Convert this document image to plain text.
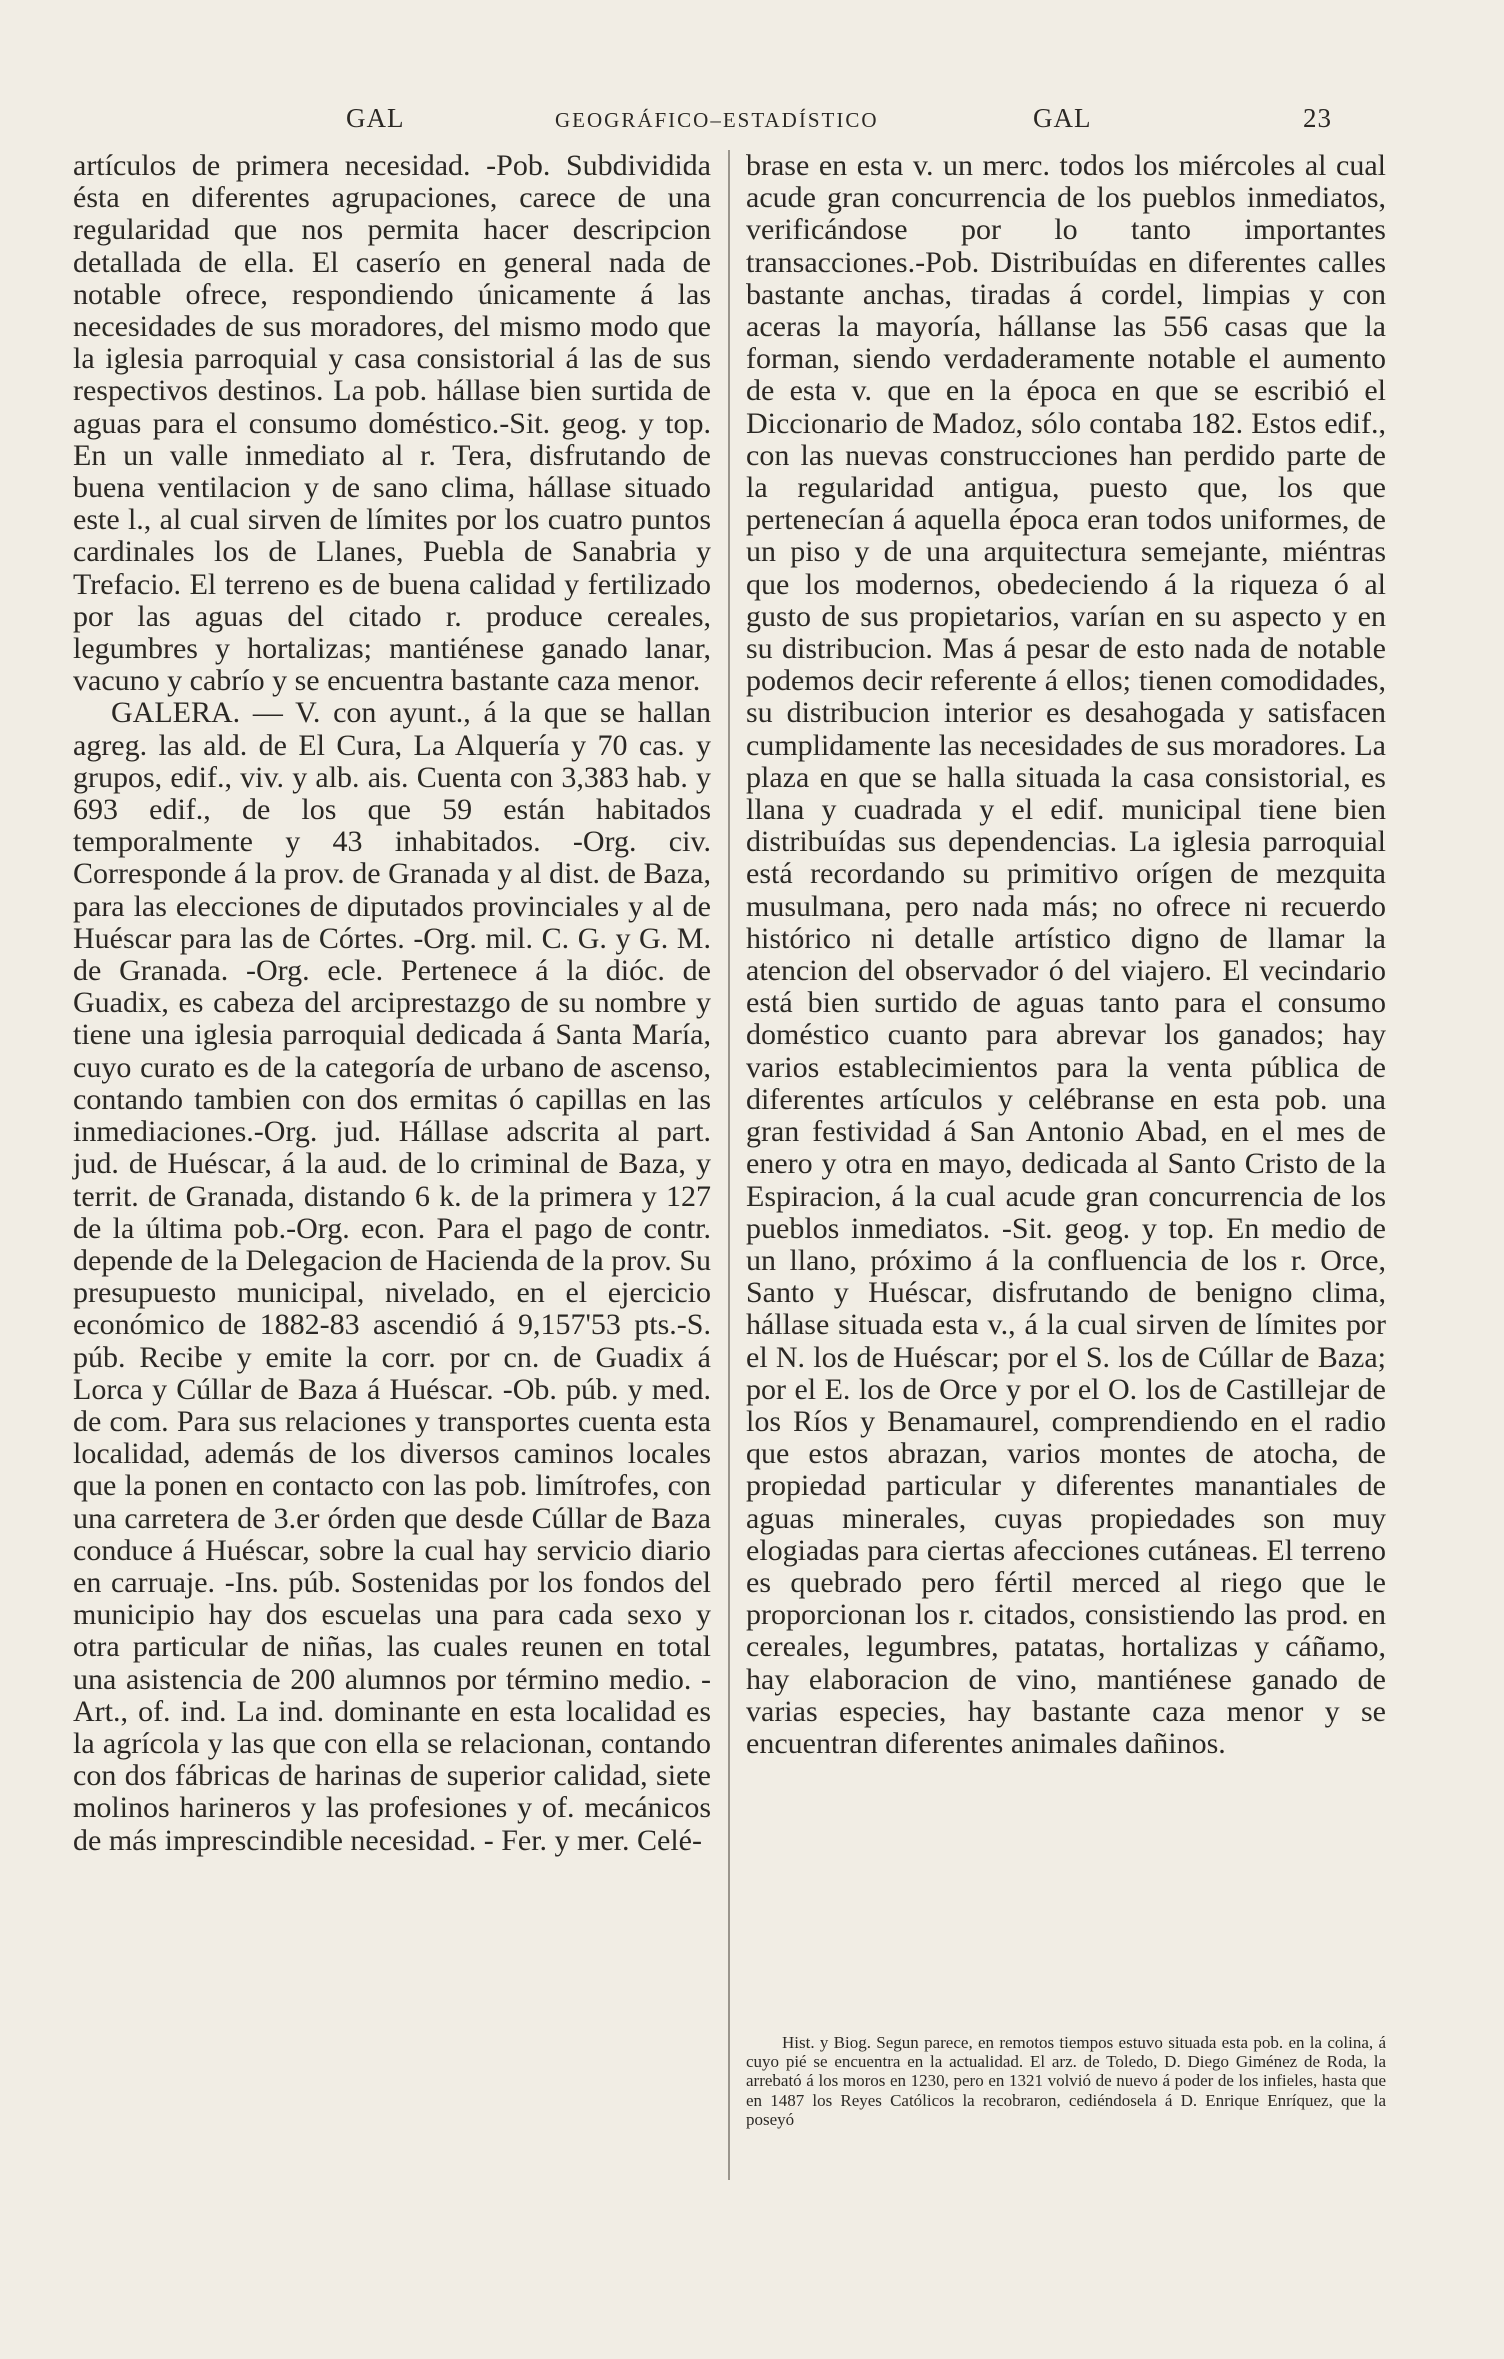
GAL	GEOGRÁFICO–ESTADÍSTICO	GAL	23

artículos de primera necesidad. -Pob. Subdividida ésta en diferentes agrupaciones, carece de una regularidad que nos permita hacer descripcion detallada de ella. El caserío en general nada de notable ofrece, respondiendo únicamente á las necesidades de sus moradores, del mismo modo que la iglesia parroquial y casa consistorial á las de sus respectivos destinos. La pob. hállase bien surtida de aguas para el consumo doméstico.-Sit. geog. y top. En un valle inmediato al r. Tera, disfrutando de buena ventilacion y de sano clima, hállase situado este l., al cual sirven de límites por los cuatro puntos cardinales los de Llanes, Puebla de Sanabria y Trefacio. El terreno es de buena calidad y fertilizado por las aguas del citado r. produce cereales, legumbres y hortalizas; mantiénese ganado lanar, vacuno y cabrío y se encuentra bastante caza menor.

GALERA. — V. con ayunt., á la que se hallan agreg. las ald. de El Cura, La Alquería y 70 cas. y grupos, edif., viv. y alb. ais. Cuenta con 3,383 hab. y 693 edif., de los que 59 están habitados temporalmente y 43 inhabitados. -Org. civ. Corresponde á la prov. de Granada y al dist. de Baza, para las elecciones de diputados provinciales y al de Huéscar para las de Córtes. -Org. mil. C. G. y G. M. de Granada. -Org. ecle. Pertenece á la dióc. de Guadix, es cabeza del arciprestazgo de su nombre y tiene una iglesia parroquial dedicada á Santa María, cuyo curato es de la categoría de urbano de ascenso, contando tambien con dos ermitas ó capillas en las inmediaciones.-Org. jud. Hállase adscrita al part. jud. de Huéscar, á la aud. de lo criminal de Baza, y territ. de Granada, distando 6 k. de la primera y 127 de la última pob.-Org. econ. Para el pago de contr. depende de la Delegacion de Hacienda de la prov. Su presupuesto municipal, nivelado, en el ejercicio económico de 1882-83 ascendió á 9,157'53 pts.-S. púb. Recibe y emite la corr. por cn. de Guadix á Lorca y Cúllar de Baza á Huéscar. -Ob. púb. y med. de com. Para sus relaciones y transportes cuenta esta localidad, además de los diversos caminos locales que la ponen en contacto con las pob. limítrofes, con una carretera de 3.er órden que desde Cúllar de Baza conduce á Huéscar, sobre la cual hay servicio diario en carruaje. -Ins. púb. Sostenidas por los fondos del municipio hay dos escuelas una para cada sexo y otra particular de niñas, las cuales reunen en total una asistencia de 200 alumnos por término medio. -Art., of. ind. La ind. dominante en esta localidad es la agrícola y las que con ella se relacionan, contando con dos fábricas de harinas de superior calidad, siete molinos harineros y las profesiones y of. mecánicos de más imprescindible necesidad. - Fer. y mer. Celé-

brase en esta v. un merc. todos los miércoles al cual acude gran concurrencia de los pueblos inmediatos, verificándose por lo tanto importantes transacciones.-Pob. Distribuídas en diferentes calles bastante anchas, tiradas á cordel, limpias y con aceras la mayoría, hállanse las 556 casas que la forman, siendo verdaderamente notable el aumento de esta v. que en la época en que se escribió el Diccionario de Madoz, sólo contaba 182. Estos edif., con las nuevas construcciones han perdido parte de la regularidad antigua, puesto que, los que pertenecían á aquella época eran todos uniformes, de un piso y de una arquitectura semejante, miéntras que los modernos, obedeciendo á la riqueza ó al gusto de sus propietarios, varían en su aspecto y en su distribucion. Mas á pesar de esto nada de notable podemos decir referente á ellos; tienen comodidades, su distribucion interior es desahogada y satisfacen cumplidamente las necesidades de sus moradores. La plaza en que se halla situada la casa consistorial, es llana y cuadrada y el edif. municipal tiene bien distribuídas sus dependencias. La iglesia parroquial está recordando su primitivo orígen de mezquita musulmana, pero nada más; no ofrece ni recuerdo histórico ni detalle artístico digno de llamar la atencion del observador ó del viajero. El vecindario está bien surtido de aguas tanto para el consumo doméstico cuanto para abrevar los ganados; hay varios establecimientos para la venta pública de diferentes artículos y celébranse en esta pob. una gran festividad á San Antonio Abad, en el mes de enero y otra en mayo, dedicada al Santo Cristo de la Espiracion, á la cual acude gran concurrencia de los pueblos inmediatos. -Sit. geog. y top. En medio de un llano, próximo á la confluencia de los r. Orce, Santo y Huéscar, disfrutando de benigno clima, hállase situada esta v., á la cual sirven de límites por el N. los de Huéscar; por el S. los de Cúllar de Baza; por el E. los de Orce y por el O. los de Castillejar de los Ríos y Benamaurel, comprendiendo en el radio que estos abrazan, varios montes de atocha, de propiedad particular y diferentes manantiales de aguas minerales, cuyas propiedades son muy elogiadas para ciertas afecciones cutáneas. El terreno es quebrado pero fértil merced al riego que le proporcionan los r. citados, consistiendo las prod. en cereales, legumbres, patatas, hortalizas y cáñamo, hay elaboracion de vino, mantiénese ganado de varias especies, hay bastante caza menor y se encuentran diferentes animales dañinos.

Hist. y Biog. Segun parece, en remotos tiempos estuvo situada esta pob. en la colina, á cuyo pié se encuentra en la actualidad. El arz. de Toledo, D. Diego Giménez de Roda, la arrebató á los moros en 1230, pero en 1321 volvió de nuevo á poder de los infieles, hasta que en 1487 los Reyes Católicos la recobraron, cediéndosela á D. Enrique Enríquez, que la poseyó
